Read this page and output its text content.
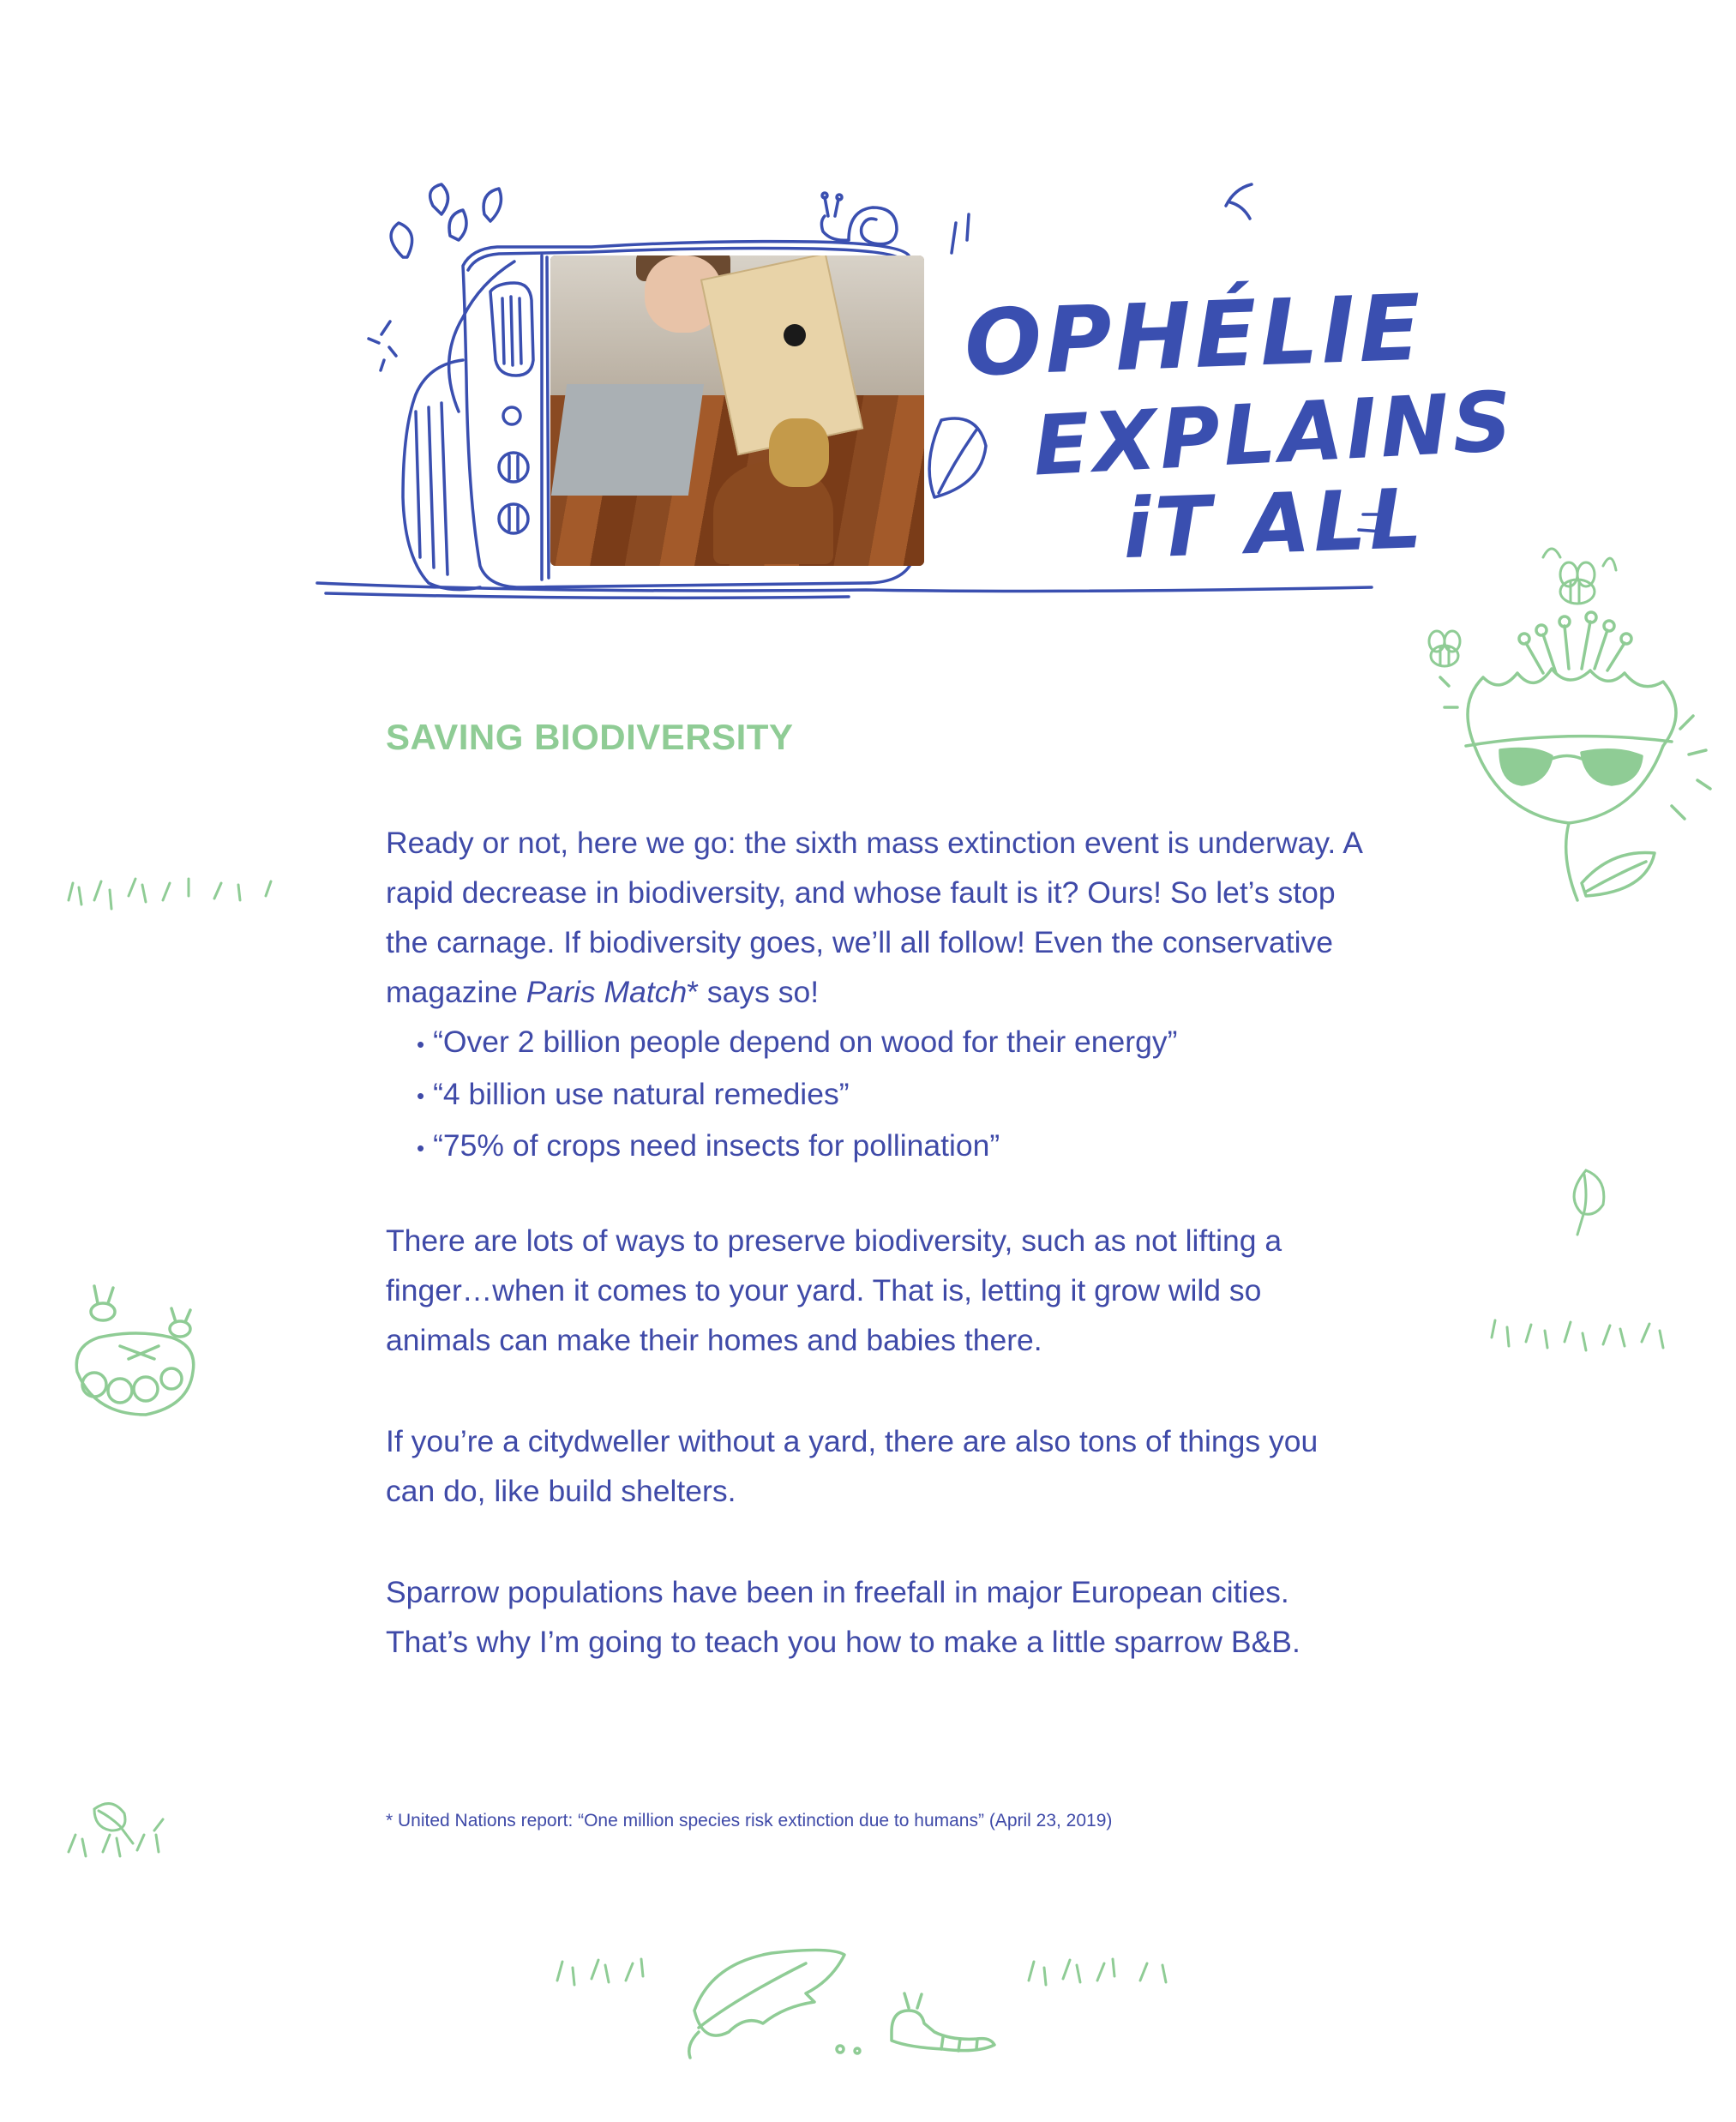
OPHÉLIE
EXPLAINS
iT ALL
SAVING BIODIVERSITY
Ready or not, here we go: the sixth mass extinction event is underway. A rapid decrease in biodiversity, and whose fault is it? Ours! So let’s stop the carnage. If biodiversity goes, we’ll all follow! Even the conservative magazine Paris Match* says so!
• “Over 2 billion people depend on wood for their energy”
• “4 billion use natural remedies”
• “75% of crops need insects for pollination”
There are lots of ways to preserve biodiversity, such as not lifting a finger…when it comes to your yard. That is, letting it grow wild so animals can make their homes and babies there.
If you’re a citydweller without a yard, there are also tons of things you can do, like build shelters.
Sparrow populations have been in freefall in major European cities. That’s why I’m going to teach you how to make a little sparrow B&B.
* United Nations report: “One million species risk extinction due to humans” (April 23, 2019)
